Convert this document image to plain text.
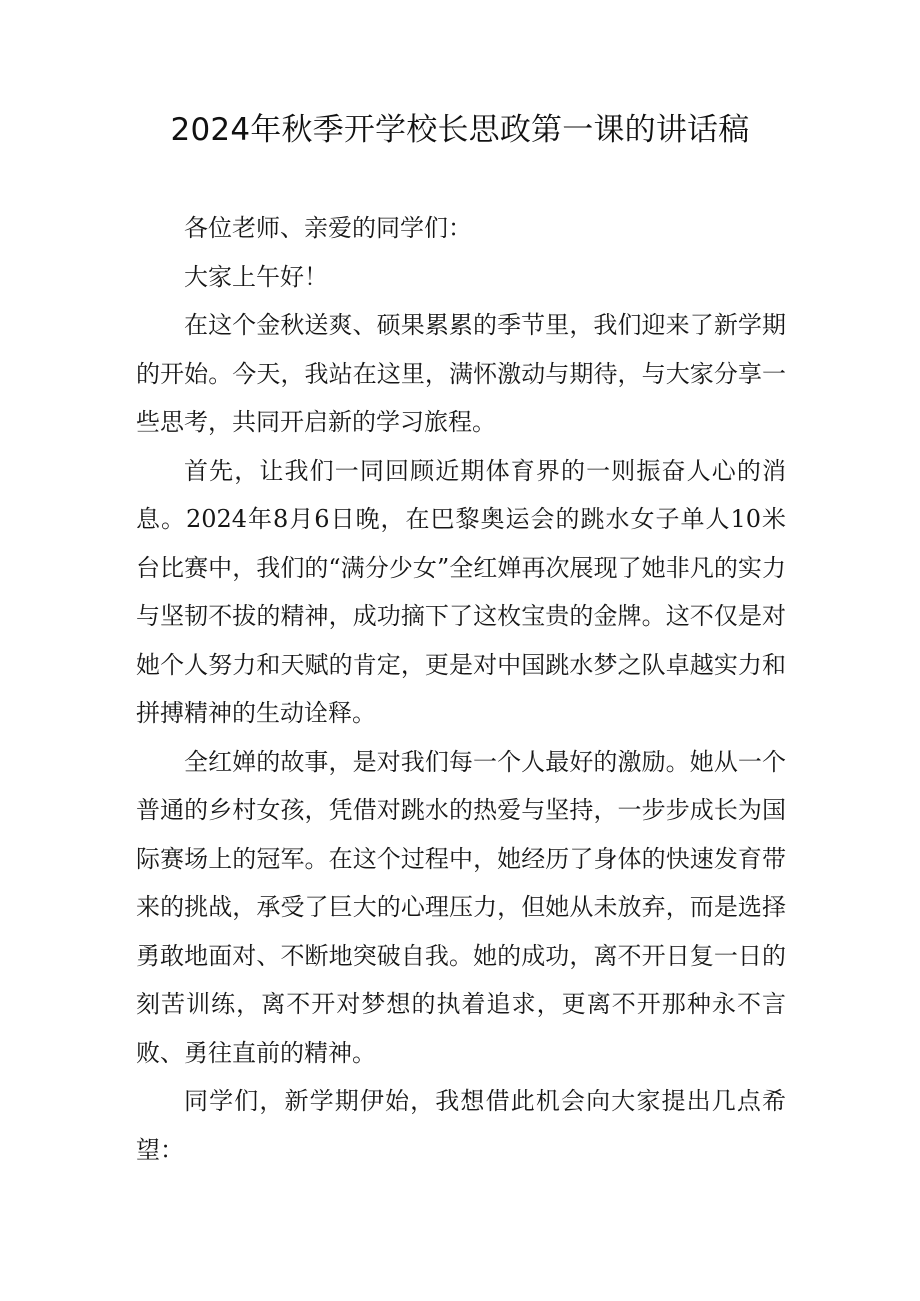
2024年秋季开学校长思政第一课的讲话稿

各位老师、亲爱的同学们：

大家上午好！

在这个金秋送爽、硕果累累的季节里，我们迎来了新学期的开始。今天，我站在这里，满怀激动与期待，与大家分享一些思考，共同开启新的学习旅程。

首先，让我们一同回顾近期体育界的一则振奋人心的消息。2024年8月6日晚，在巴黎奥运会的跳水女子单人10米台比赛中，我们的“满分少女”全红婵再次展现了她非凡的实力与坚韧不拔的精神，成功摘下了这枚宝贵的金牌。这不仅是对她个人努力和天赋的肯定，更是对中国跳水梦之队卓越实力和拼搏精神的生动诠释。

全红婵的故事，是对我们每一个人最好的激励。她从一个普通的乡村女孩，凭借对跳水的热爱与坚持，一步步成长为国际赛场上的冠军。在这个过程中，她经历了身体的快速发育带来的挑战，承受了巨大的心理压力，但她从未放弃，而是选择勇敢地面对、不断地突破自我。她的成功，离不开日复一日的刻苦训练，离不开对梦想的执着追求，更离不开那种永不言败、勇往直前的精神。

同学们，新学期伊始，我想借此机会向大家提出几点希望：
